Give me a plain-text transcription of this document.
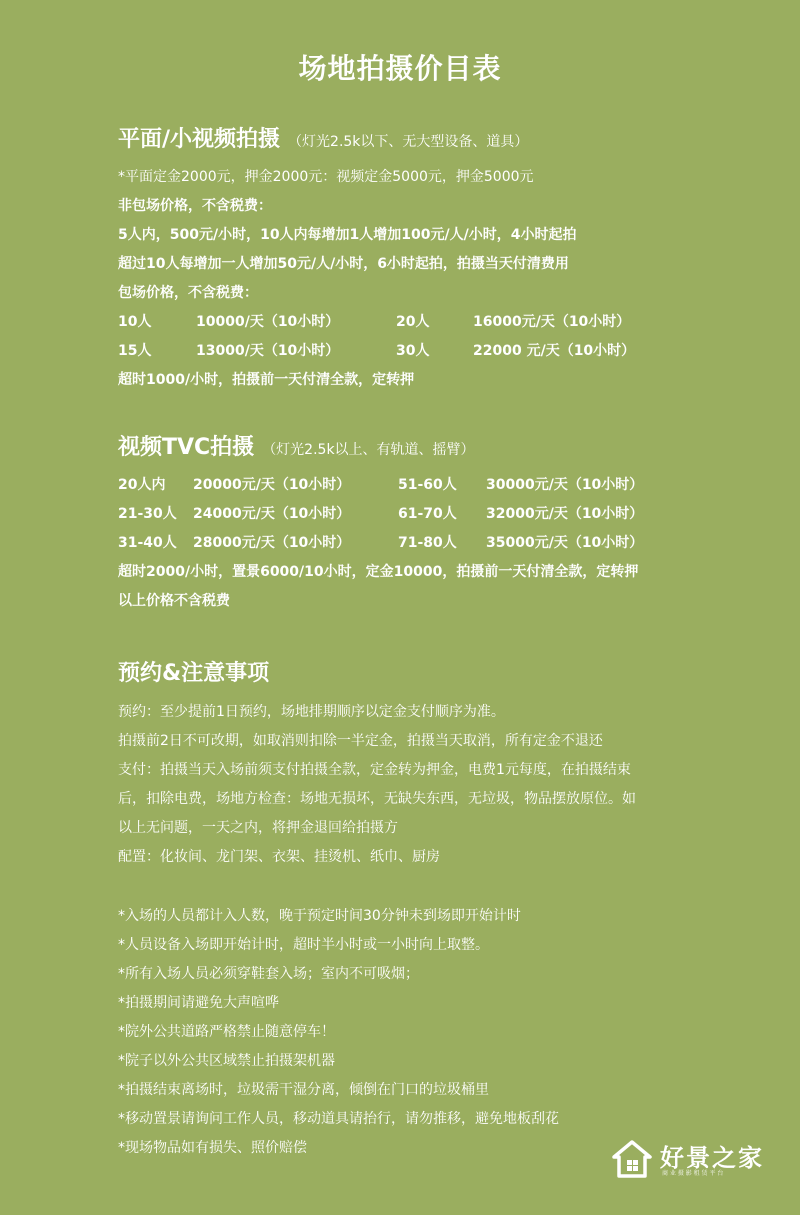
场地拍摄价目表
平面/小视频拍摄 （灯光2.5k以下、无大型设备、道具）
*平面定金2000元，押金2000元：视频定金5000元，押金5000元
非包场价格，不含税费：
5人内，500元/小时，10人内每增加1人增加100元/人/小时，4小时起拍
超过10人每增加一人增加50元/人/小时，6小时起拍，拍摄当天付清费用
包场价格，不含税费：
10人	10000/天（10小时）	20人	16000元/天（10小时）
15人	13000/天（10小时）	30人	22000 元/天（10小时）
超时1000/小时，拍摄前一天付清全款，定转押
视频TVC拍摄 （灯光2.5k以上、有轨道、摇臂）
20人内 20000元/天（10小时）	51-60人 30000元/天（10小时）
21-30人 24000元/天（10小时）	61-70人 32000元/天（10小时）
31-40人 28000元/天（10小时）	71-80人 35000元/天（10小时）
超时2000/小时，置景6000/10小时，定金10000，拍摄前一天付清全款，定转押
以上价格不含税费
预约&注意事项
预约：至少提前1日预约，场地排期顺序以定金支付顺序为准。
拍摄前2日不可改期，如取消则扣除一半定金，拍摄当天取消，所有定金不退还
支付：拍摄当天入场前须支付拍摄全款，定金转为押金，电费1元每度，在拍摄结束
后，扣除电费，场地方检查：场地无损坏，无缺失东西，无垃圾，物品摆放原位。如
以上无问题，一天之内，将押金退回给拍摄方
配置：化妆间、龙门架、衣架、挂烫机、纸巾、厨房
*入场的人员都计入人数，晚于预定时间30分钟未到场即开始计时
*人员设备入场即开始计时，超时半小时或一小时向上取整。
*所有入场人员必须穿鞋套入场；室内不可吸烟；
*拍摄期间请避免大声喧哗
*院外公共道路严格禁止随意停车！
*院子以外公共区域禁止拍摄架机器
*拍摄结束离场时，垃圾需干湿分离，倾倒在门口的垃圾桶里
*移动置景请询问工作人员，移动道具请抬行，请勿推移，避免地板刮花
*现场物品如有损失、照价赔偿	好景之家
商 业 摄 影 租 赁 平 台
